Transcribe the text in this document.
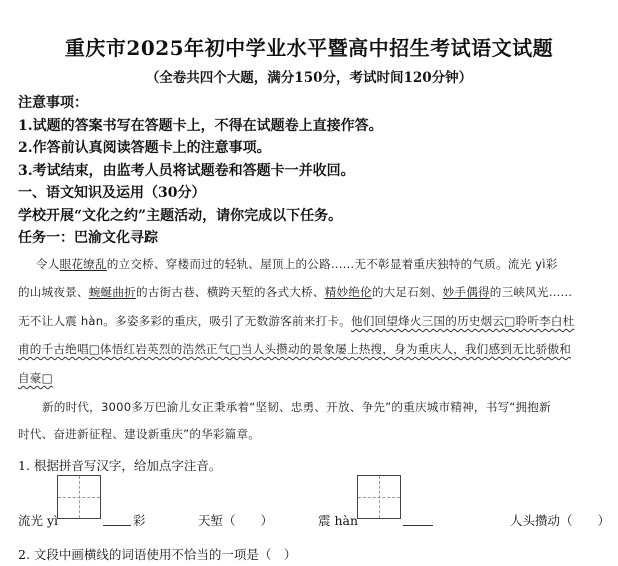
重庆市2025年初中学业水平暨高中招生考试语文试题
（全卷共四个大题，满分150分，考试时间120分钟）
注意事项：
1.试题的答案书写在答题卡上，不得在试题卷上直接作答。
2.作答前认真阅读答题卡上的注意事项。
3.考试结束，由监考人员将试题卷和答题卡一并收回。
一、语文知识及运用（30分）
学校开展“文化之约”主题活动，请你完成以下任务。
任务一：巴渝文化寻踪
令人眼花缭乱的立交桥、穿楼而过的轻轨、屋顶上的公路……无不彰显着重庆独特的气质。流光 yì彩
的山城夜景、蜿蜒曲折的古街古巷、横跨天堑的各式大桥、精妙绝伦的大足石刻、妙手偶得的三峡风光……
无不让人震 hàn。多姿多彩的重庆，吸引了无数游客前来打卡。他们回望烽火三国的历史烟云□聆听李白杜
甫的千古绝唱□体悟红岩英烈的浩然正气□当人头攒动的景象屡上热搜，身为重庆人，我们感到无比骄傲和
自豪□
新的时代，3000多万巴渝儿女正秉承着“坚韧、忠勇、开放、争先”的重庆城市精神，书写“拥抱新
时代、奋进新征程、建设新重庆”的华彩篇章。
1. 根据拼音写汉字，给加点字注音。
流光 yì	彩	天堑（　　）	震 hàn	人头攒动（　　）
2. 文段中画横线的词语使用不恰当的一项是（　）
